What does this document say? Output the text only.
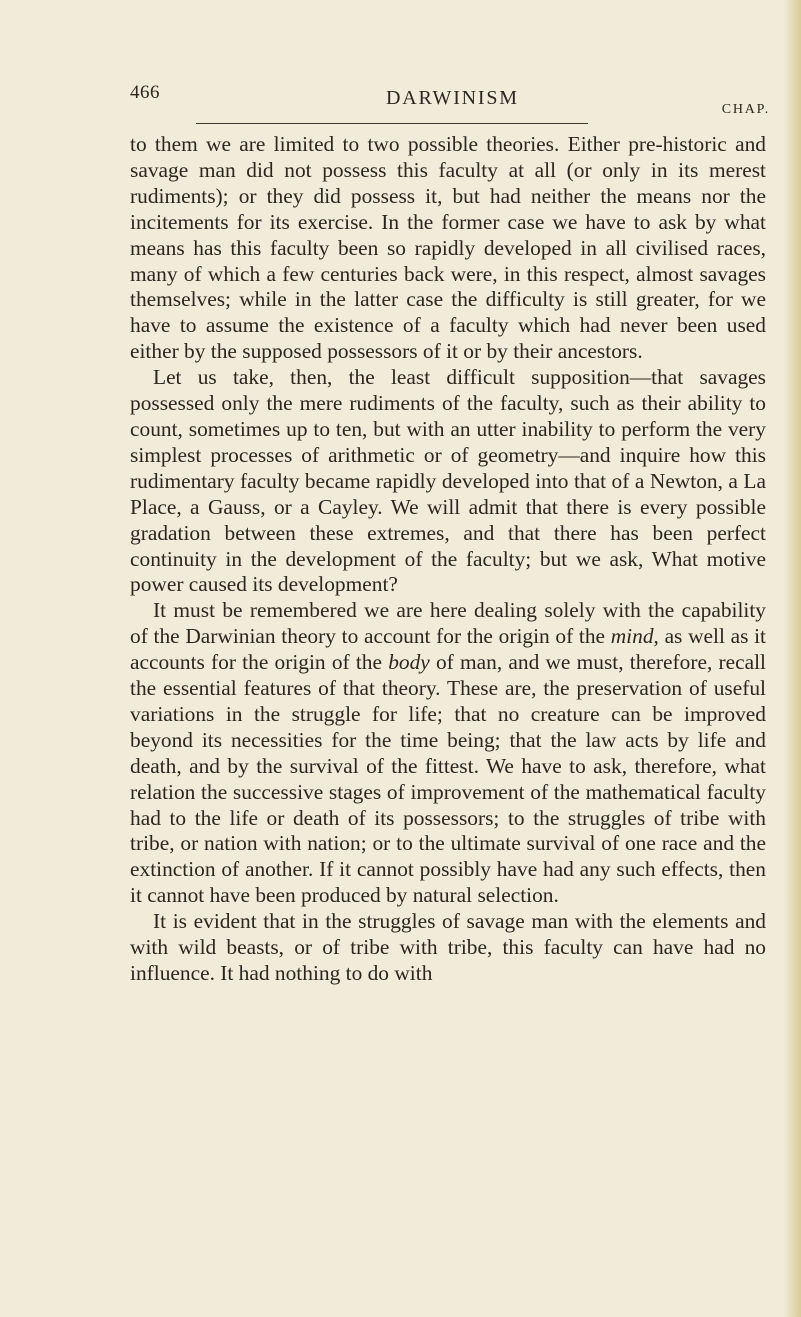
466	DARWINISM
CHAP.

to them we are limited to two possible theories. Either pre-historic and savage man did not possess this faculty at all (or only in its merest rudiments); or they did possess it, but had neither the means nor the incitements for its exercise. In the former case we have to ask by what means has this faculty been so rapidly developed in all civilised races, many of which a few centuries back were, in this respect, almost savages themselves; while in the latter case the difficulty is still greater, for we have to assume the existence of a faculty which had never been used either by the supposed possessors of it or by their ancestors.

Let us take, then, the least difficult supposition—that savages possessed only the mere rudiments of the faculty, such as their ability to count, sometimes up to ten, but with an utter inability to perform the very simplest processes of arithmetic or of geometry—and inquire how this rudimentary faculty became rapidly developed into that of a Newton, a La Place, a Gauss, or a Cayley. We will admit that there is every possible gradation between these extremes, and that there has been perfect continuity in the development of the faculty; but we ask, What motive power caused its development?

It must be remembered we are here dealing solely with the capability of the Darwinian theory to account for the origin of the mind, as well as it accounts for the origin of the body of man, and we must, therefore, recall the essential features of that theory. These are, the preservation of useful variations in the struggle for life; that no creature can be improved beyond its necessities for the time being; that the law acts by life and death, and by the survival of the fittest. We have to ask, therefore, what relation the successive stages of improvement of the mathematical faculty had to the life or death of its possessors; to the struggles of tribe with tribe, or nation with nation; or to the ultimate survival of one race and the extinction of another. If it cannot possibly have had any such effects, then it cannot have been produced by natural selection.

It is evident that in the struggles of savage man with the elements and with wild beasts, or of tribe with tribe, this faculty can have had no influence. It had nothing to do with
